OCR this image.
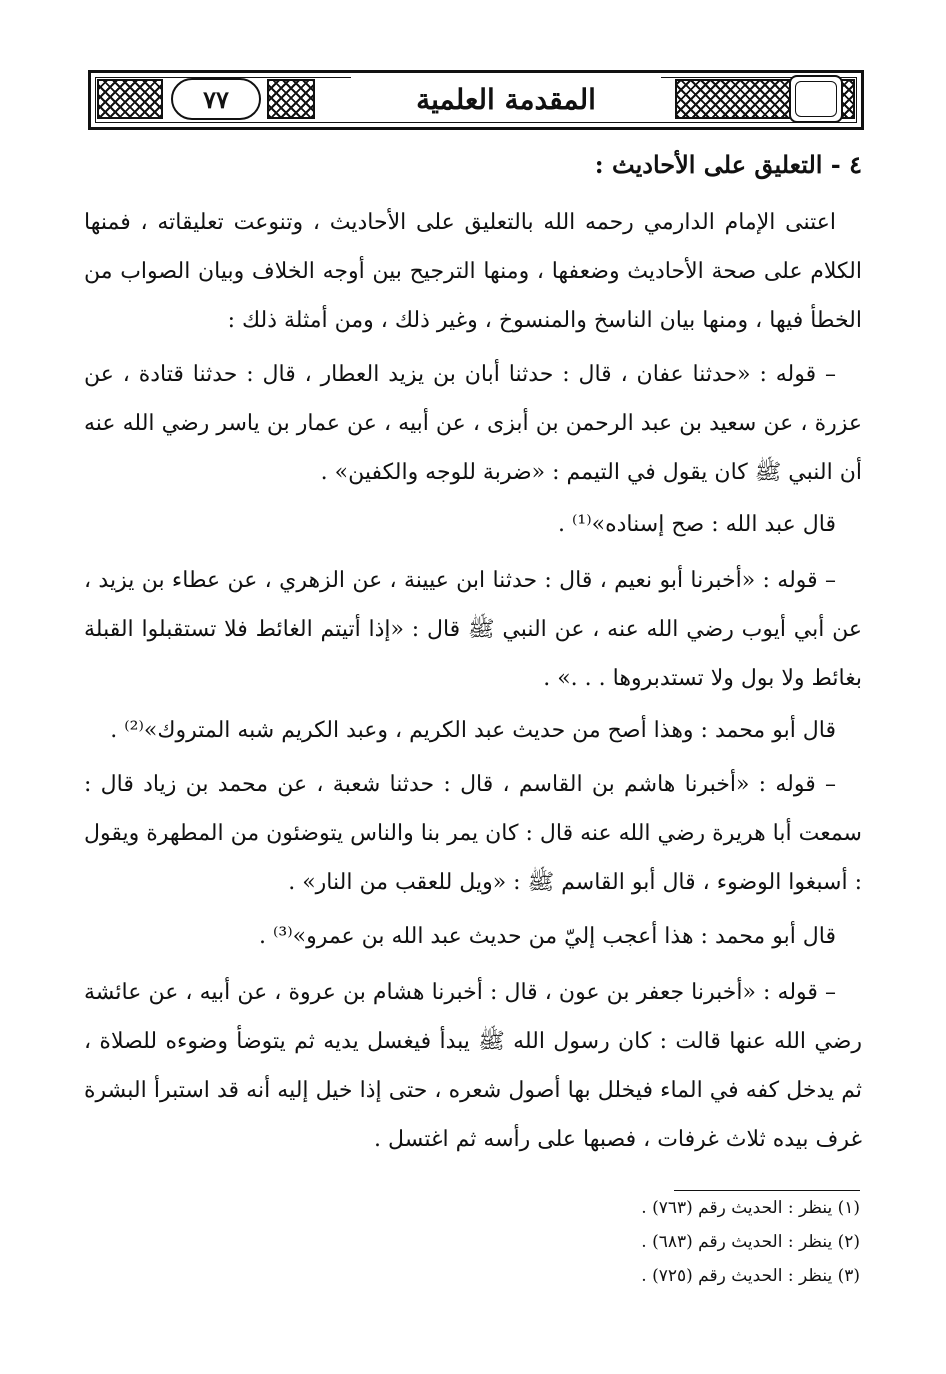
٧٧	المقدمة العلمية
٤ - التعليق على الأحاديث :

اعتنى الإمام الدارمي رحمه الله بالتعليق على الأحاديث ، وتنوعت تعليقاته ، فمنها الكلام على صحة الأحاديث وضعفها ، ومنها الترجيح بين أوجه الخلاف وبيان الصواب من الخطأ فيها ، ومنها بيان الناسخ والمنسوخ ، وغير ذلك ، ومن أمثلة ذلك :

– قوله : «حدثنا عفان ، قال : حدثنا أبان بن يزيد العطار ، قال : حدثنا قتادة ، عن عزرة ، عن سعيد بن عبد الرحمن بن أبزى ، عن أبيه ، عن عمار بن ياسر رضي الله عنه أن النبي ﷺ كان يقول في التيمم : «ضربة للوجه والكفين» .

قال عبد الله : صح إسناده»⁽¹⁾ .

– قوله : «أخبرنا أبو نعيم ، قال : حدثنا ابن عيينة ، عن الزهري ، عن عطاء بن يزيد ، عن أبي أيوب رضي الله عنه ، عن النبي ﷺ قال : «إذا أتيتم الغائط فلا تستقبلوا القبلة بغائط ولا بول ولا تستدبروها . . .» .

قال أبو محمد : وهذا أصح من حديث عبد الكريم ، وعبد الكريم شبه المتروك»⁽²⁾ .

– قوله : «أخبرنا هاشم بن القاسم ، قال : حدثنا شعبة ، عن محمد بن زياد قال : سمعت أبا هريرة رضي الله عنه قال : كان يمر بنا والناس يتوضئون من المطهرة ويقول : أسبغوا الوضوء ، قال أبو القاسم ﷺ : «ويل للعقب من النار» .

قال أبو محمد : هذا أعجب إليّ من حديث عبد الله بن عمرو»⁽³⁾ .

– قوله : «أخبرنا جعفر بن عون ، قال : أخبرنا هشام بن عروة ، عن أبيه ، عن عائشة رضي الله عنها قالت : كان رسول الله ﷺ يبدأ فيغسل يديه ثم يتوضأ وضوءه للصلاة ، ثم يدخل كفه في الماء فيخلل بها أصول شعره ، حتى إذا خيل إليه أنه قد استبرأ البشرة غرف بيده ثلاث غرفات ، فصبها على رأسه ثم اغتسل .

(١) ينظر : الحديث رقم (٧٦٣) .
(٢) ينظر : الحديث رقم (٦٨٣) .
(٣) ينظر : الحديث رقم (٧٢٥) .
